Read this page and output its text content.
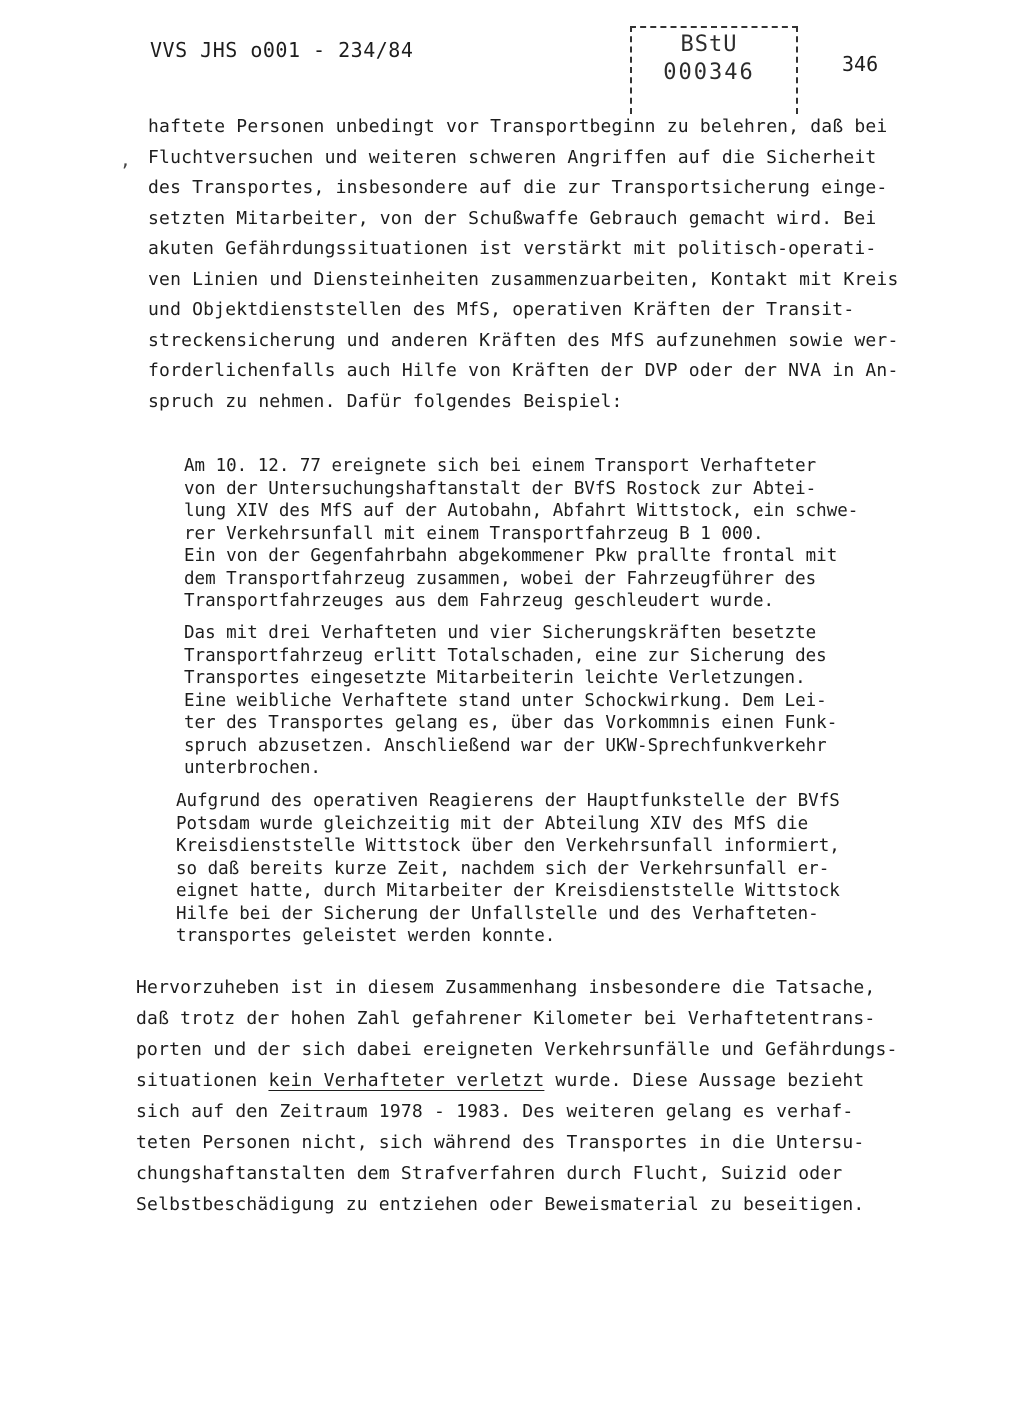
VVS JHS o001 - 234/84	BStU
000346	346
,
haftete Personen unbedingt vor Transportbeginn zu belehren, daß bei
Fluchtversuchen und weiteren schweren Angriffen auf die Sicherheit
des Transportes, insbesondere auf die zur Transportsicherung einge-
setzten Mitarbeiter, von der Schußwaffe Gebrauch gemacht wird. Bei
akuten Gefährdungssituationen ist verstärkt mit politisch-operati-
ven Linien und Diensteinheiten zusammenzuarbeiten, Kontakt mit Kreis
und Objektdienststellen des MfS, operativen Kräften der Transit-
streckensicherung und anderen Kräften des MfS aufzunehmen sowie wer-
forderlichenfalls auch Hilfe von Kräften der DVP oder der NVA in An-
spruch zu nehmen. Dafür folgendes Beispiel:
Am 10. 12. 77 ereignete sich bei einem Transport Verhafteter
von der Untersuchungshaftanstalt der BVfS Rostock zur Abtei-
lung XIV des MfS auf der Autobahn, Abfahrt Wittstock, ein schwe-
rer Verkehrsunfall mit einem Transportfahrzeug B 1 000.
Ein von der Gegenfahrbahn abgekommener Pkw prallte frontal mit
dem Transportfahrzeug zusammen, wobei der Fahrzeugführer des
Transportfahrzeuges aus dem Fahrzeug geschleudert wurde.
Das mit drei Verhafteten und vier Sicherungskräften besetzte
Transportfahrzeug erlitt Totalschaden, eine zur Sicherung des
Transportes eingesetzte Mitarbeiterin leichte Verletzungen.
Eine weibliche Verhaftete stand unter Schockwirkung. Dem Lei-
ter des Transportes gelang es, über das Vorkommnis einen Funk-
spruch abzusetzen. Anschließend war der UKW-Sprechfunkverkehr
unterbrochen.
Aufgrund des operativen Reagierens der Hauptfunkstelle der BVfS
Potsdam wurde gleichzeitig mit der Abteilung XIV des MfS die
Kreisdienststelle Wittstock über den Verkehrsunfall informiert,
so daß bereits kurze Zeit, nachdem sich der Verkehrsunfall er-
eignet hatte, durch Mitarbeiter der Kreisdienststelle Wittstock
Hilfe bei der Sicherung der Unfallstelle und des Verhafteten-
transportes geleistet werden konnte.
Hervorzuheben ist in diesem Zusammenhang insbesondere die Tatsache,
daß trotz der hohen Zahl gefahrener Kilometer bei Verhaftetentrans-
porten und der sich dabei ereigneten Verkehrsunfälle und Gefährdungs-
situationen kein Verhafteter verletzt wurde. Diese Aussage bezieht
sich auf den Zeitraum 1978 - 1983. Des weiteren gelang es verhaf-
teten Personen nicht, sich während des Transportes in die Untersu-
chungshaftanstalten dem Strafverfahren durch Flucht, Suizid oder
Selbstbeschädigung zu entziehen oder Beweismaterial zu beseitigen.
